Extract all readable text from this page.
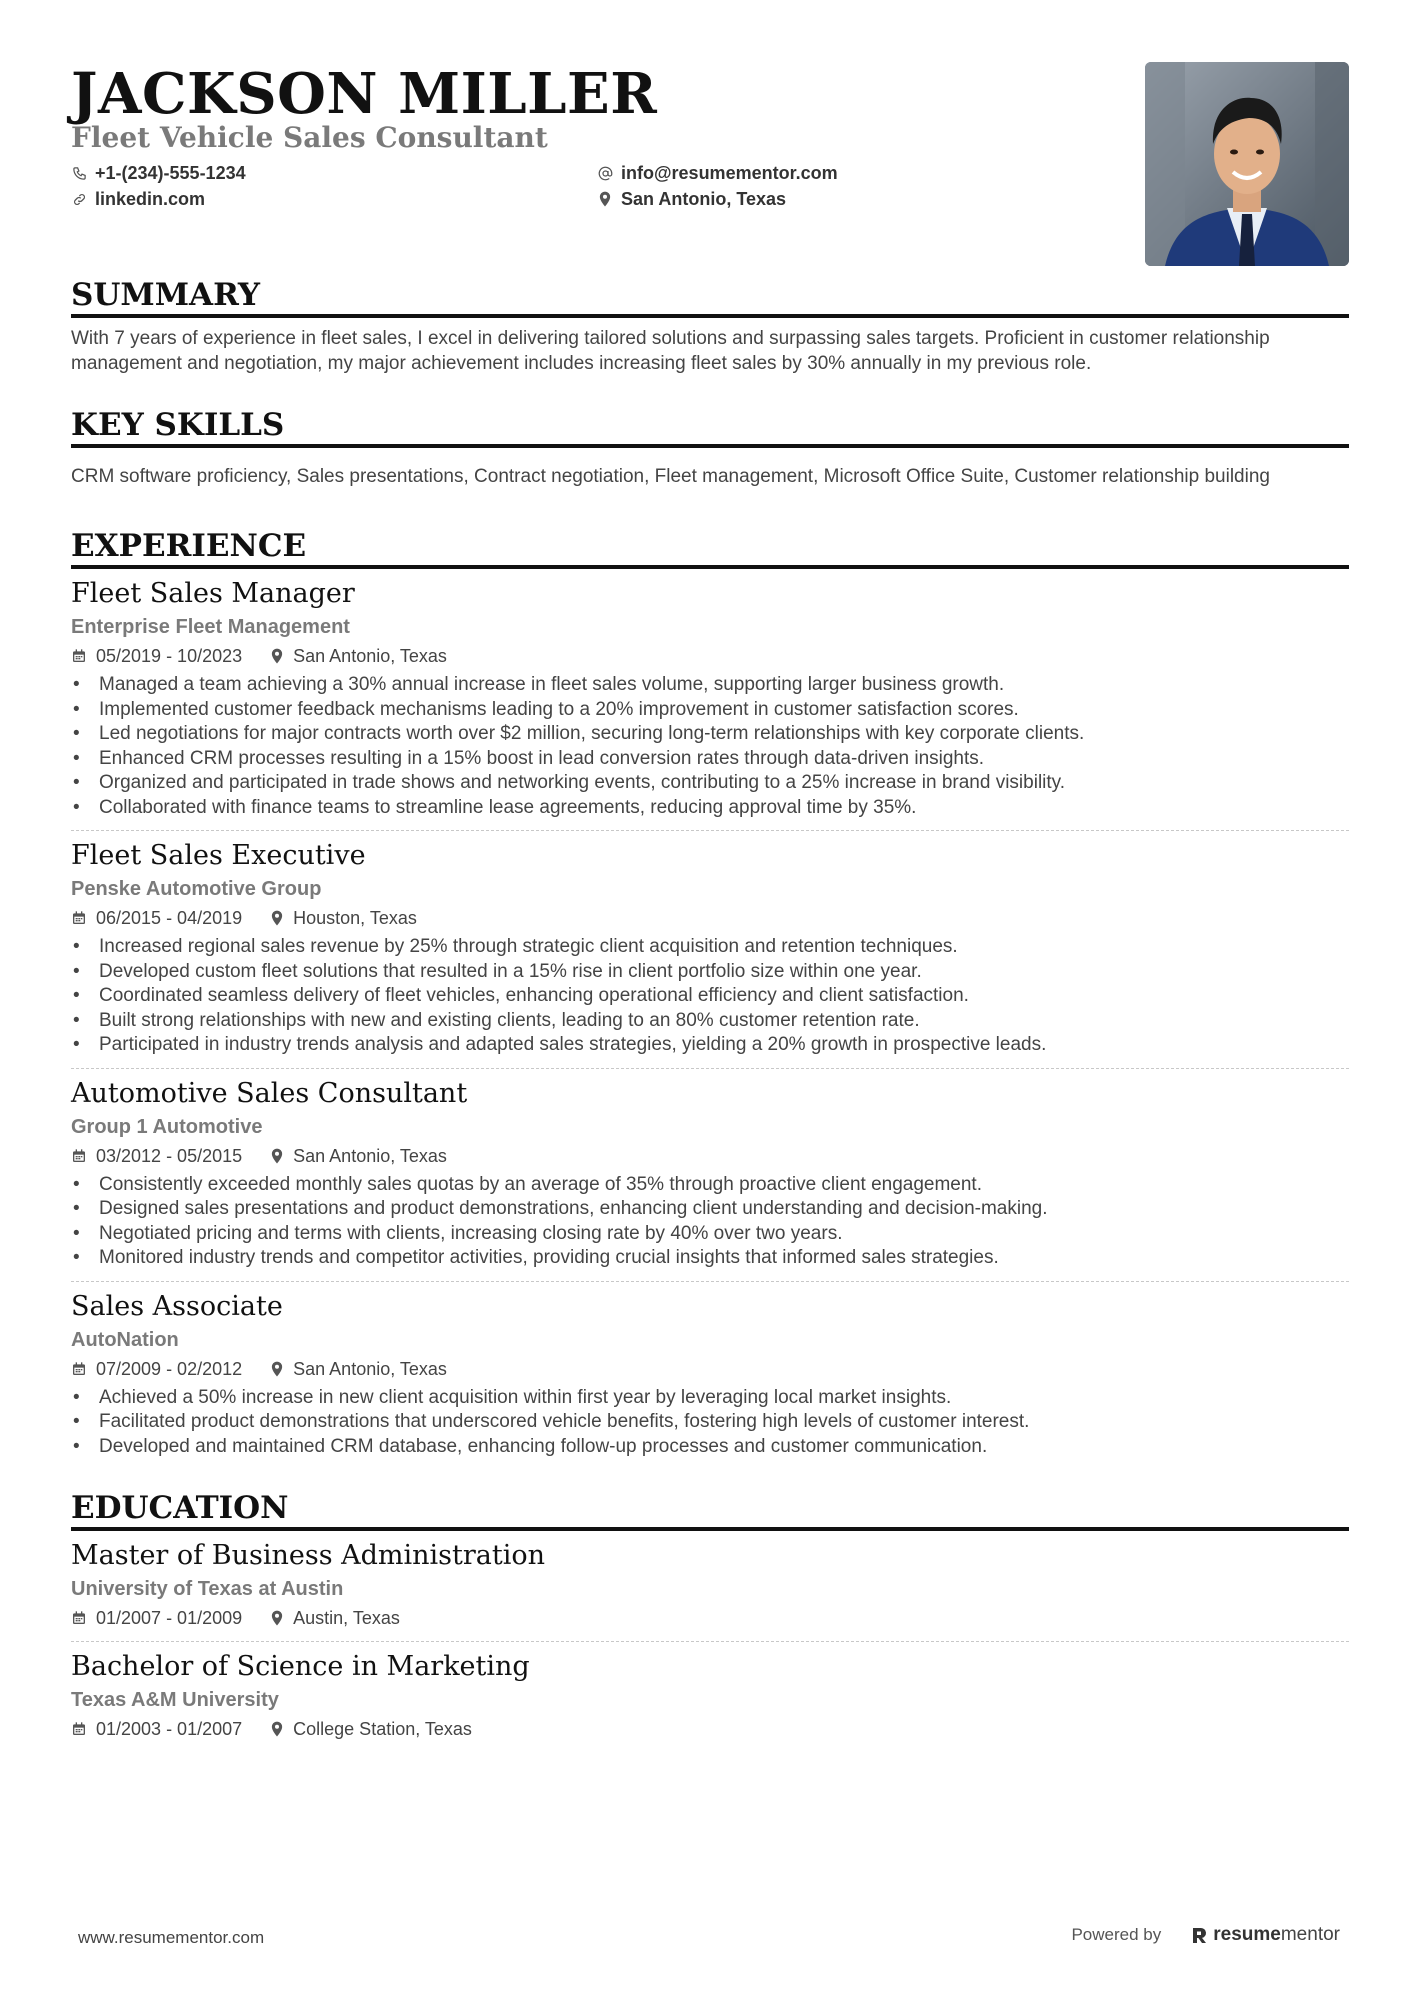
JACKSON MILLER
Fleet Vehicle Sales Consultant
+1-(234)-555-1234
linkedin.com
info@resumementor.com
San Antonio, Texas
SUMMARY
With 7 years of experience in fleet sales, I excel in delivering tailored solutions and surpassing sales targets. Proficient in customer relationship management and negotiation, my major achievement includes increasing fleet sales by 30% annually in my previous role.
KEY SKILLS
CRM software proficiency, Sales presentations, Contract negotiation, Fleet management, Microsoft Office Suite, Customer relationship building
EXPERIENCE
Fleet Sales Manager
Enterprise Fleet Management
05/2019 - 10/2023	San Antonio, Texas
• Managed a team achieving a 30% annual increase in fleet sales volume, supporting larger business growth.
• Implemented customer feedback mechanisms leading to a 20% improvement in customer satisfaction scores.
• Led negotiations for major contracts worth over $2 million, securing long-term relationships with key corporate clients.
• Enhanced CRM processes resulting in a 15% boost in lead conversion rates through data-driven insights.
• Organized and participated in trade shows and networking events, contributing to a 25% increase in brand visibility.
• Collaborated with finance teams to streamline lease agreements, reducing approval time by 35%.
Fleet Sales Executive
Penske Automotive Group
06/2015 - 04/2019	Houston, Texas
• Increased regional sales revenue by 25% through strategic client acquisition and retention techniques.
• Developed custom fleet solutions that resulted in a 15% rise in client portfolio size within one year.
• Coordinated seamless delivery of fleet vehicles, enhancing operational efficiency and client satisfaction.
• Built strong relationships with new and existing clients, leading to an 80% customer retention rate.
• Participated in industry trends analysis and adapted sales strategies, yielding a 20% growth in prospective leads.
Automotive Sales Consultant
Group 1 Automotive
03/2012 - 05/2015	San Antonio, Texas
• Consistently exceeded monthly sales quotas by an average of 35% through proactive client engagement.
• Designed sales presentations and product demonstrations, enhancing client understanding and decision-making.
• Negotiated pricing and terms with clients, increasing closing rate by 40% over two years.
• Monitored industry trends and competitor activities, providing crucial insights that informed sales strategies.
Sales Associate
AutoNation
07/2009 - 02/2012	San Antonio, Texas
• Achieved a 50% increase in new client acquisition within first year by leveraging local market insights.
• Facilitated product demonstrations that underscored vehicle benefits, fostering high levels of customer interest.
• Developed and maintained CRM database, enhancing follow-up processes and customer communication.
EDUCATION
Master of Business Administration
University of Texas at Austin
01/2007 - 01/2009	Austin, Texas
Bachelor of Science in Marketing
Texas A&M University
01/2003 - 01/2007	College Station, Texas
www.resumementor.com	Powered by	resume mentor
